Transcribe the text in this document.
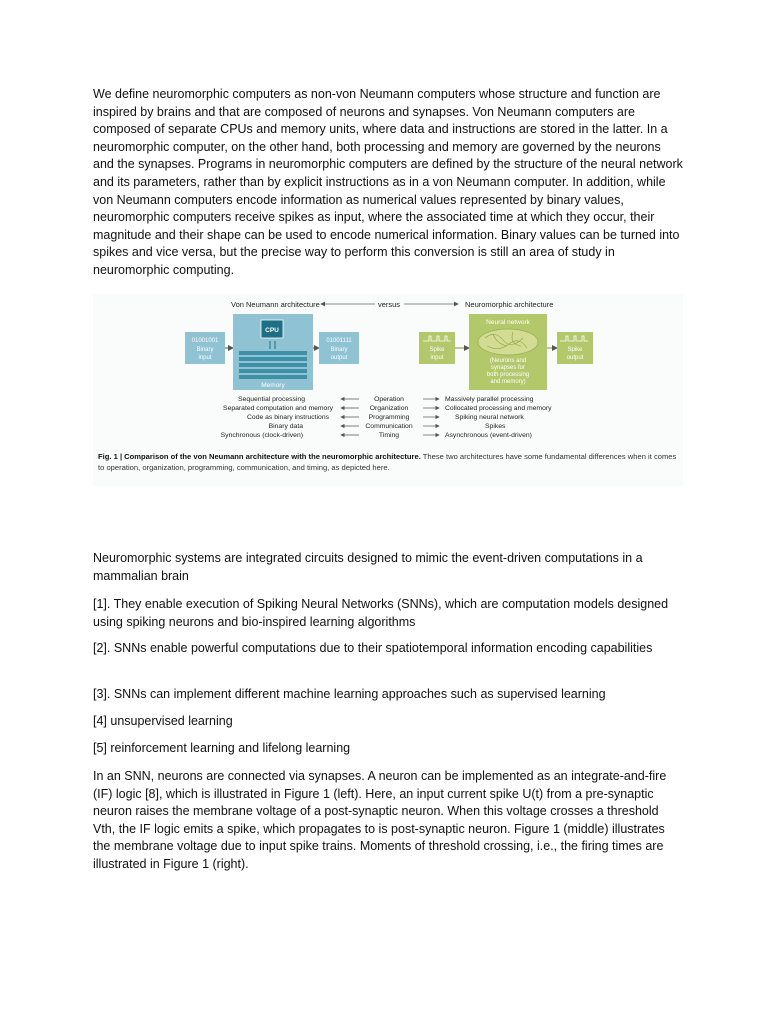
We define neuromorphic computers as non-von Neumann computers whose structure and function are inspired by brains and that are composed of neurons and synapses. Von Neumann computers are composed of separate CPUs and memory units, where data and instructions are stored in the latter. In a neuromorphic computer, on the other hand, both processing and memory are governed by the neurons and the synapses. Programs in neuromorphic computers are defined by the structure of the neural network and its parameters, rather than by explicit instructions as in a von Neumann computer. In addition, while von Neumann computers encode information as numerical values represented by binary values, neuromorphic computers receive spikes as input, where the associated time at which they occur, their magnitude and their shape can be used to encode numerical information. Binary values can be turned into spikes and vice versa, but the precise way to perform this conversion is still an area of study in neuromorphic computing.

Von Neumann architecture	versus	Neuromorphic architecture
01001001
Binary
input
CPU
Memory
01001111
Binary
output
Spike
input
Neural network
(Neurons and
synapses for
both processing
and memory)
Spike
output
Sequential processing	Operation	Massively parallel processing
Separated computation and memory	Organization	Collocated processing and memory
Code as binary instructions	Programming	Spiking neural network
Binary data	Communication	Spikes
Synchronous (clock-driven)	Timing	Asynchronous (event-driven)
Fig. 1 | Comparison of the von Neumann architecture with the neuromorphic architecture. These two architectures have some fundamental differences when it comes to operation, organization, programming, communication, and timing, as depicted here.

Neuromorphic systems are integrated circuits designed to mimic the event-driven computations in a mammalian brain

[1]. They enable execution of Spiking Neural Networks (SNNs), which are computation models designed using spiking neurons and bio-inspired learning algorithms

[2]. SNNs enable powerful computations due to their spatiotemporal information encoding capabilities

[3]. SNNs can implement different machine learning approaches such as supervised learning

[4] unsupervised learning

[5] reinforcement learning and lifelong learning

In an SNN, neurons are connected via synapses. A neuron can be implemented as an integrate-and-fire (IF) logic [8], which is illustrated in Figure 1 (left). Here, an input current spike U(t) from a pre-synaptic neuron raises the membrane voltage of a post-synaptic neuron. When this voltage crosses a threshold Vth, the IF logic emits a spike, which propagates to is post-synaptic neuron. Figure 1 (middle) illustrates the membrane voltage due to input spike trains. Moments of threshold crossing, i.e., the firing times are illustrated in Figure 1 (right).
